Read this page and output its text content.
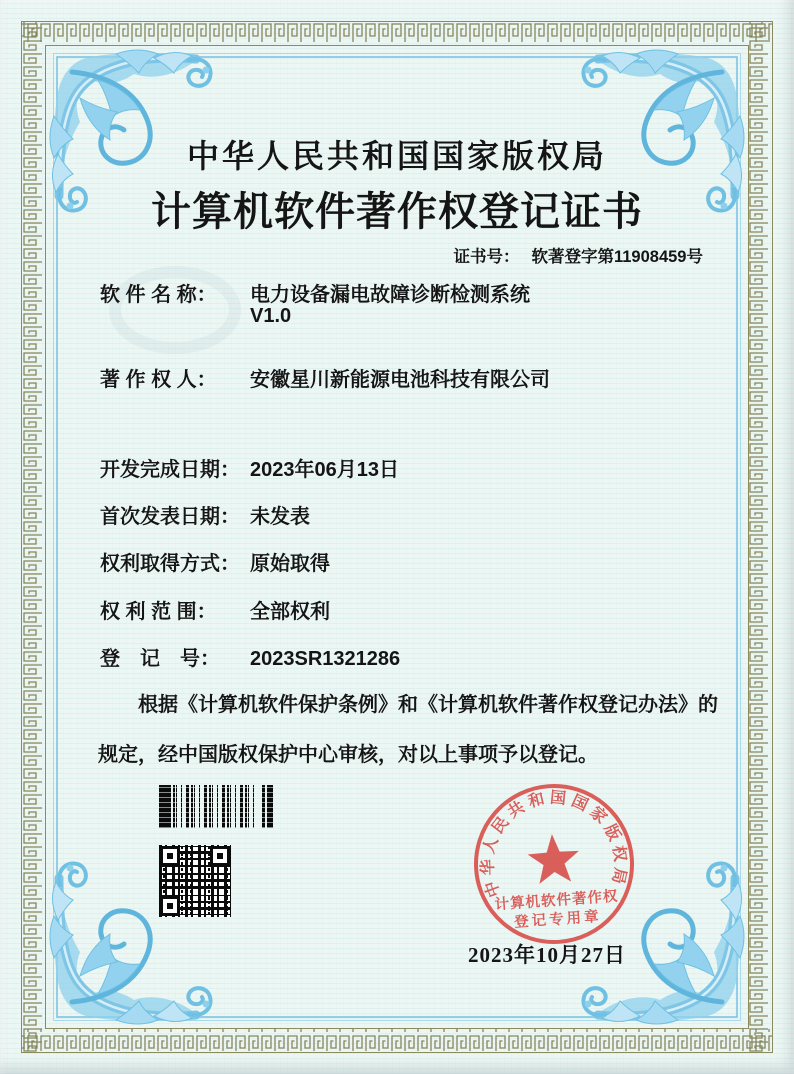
中华人民共和国国家版权局
计算机软件著作权登记证书
证书号： 软著登字第11908459号
软 件 名 称： 电力设备漏电故障诊断检测系统
V1.0
著 作 权 人： 安徽星川新能源电池科技有限公司
开发完成日期： 2023年06月13日
首次发表日期： 未发表
权利取得方式： 原始取得
权 利 范 围： 全部权利
登　记　号： 2023SR1321286
根据《计算机软件保护条例》和《计算机软件著作权登记办法》的
规定，经中国版权保护中心审核，对以上事项予以登记。
中华人民共和国国家版权局
计算机软件著作权
登记专用章
2023年10月27日
